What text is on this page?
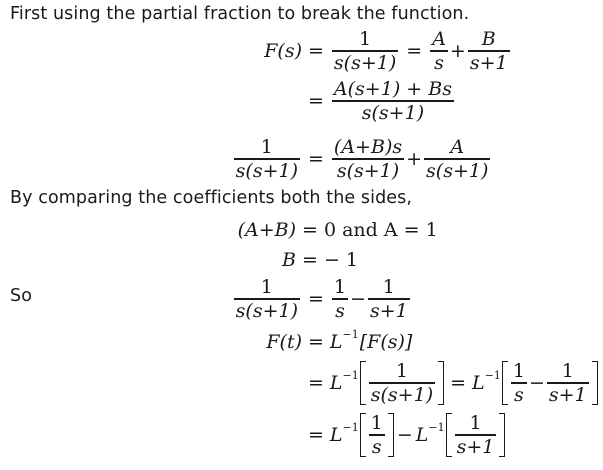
First using the partial fraction to break the function.
$F(s) = \frac{1}{s(s+1)} = \frac{A}{s} + \frac{B}{s+1}$
= $\frac{A(s+1) + Bs}{s(s+1)}$
$\frac{1}{s(s+1)} = \frac{(A+B)s}{s(s+1)} + \frac{A}{s(s+1)}$
By comparing the coefficients both the sides,
(A+B) = 0 and A = 1
B = − 1
So	$\frac{1}{s(s+1)} = \frac{1}{s} - \frac{1}{s+1}$
F(t) = L −1 [F(s)]
= $L -1 \frac{1}{s(s+1)} = L -1 \frac{1}{s} - \frac{1}{s+1}$
= $L -1 \frac{1}{s} - L -1 \frac{1}{s+1}$
